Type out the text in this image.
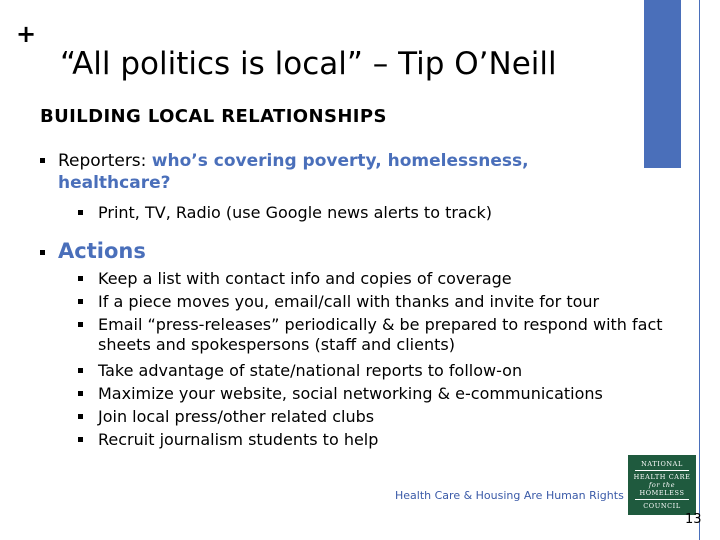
+
“All politics is local” – Tip O’Neill
BUILDING LOCAL RELATIONSHIPS
Reporters: who’s covering poverty, homelessness,
healthcare?
Print, TV, Radio (use Google news alerts to track)
Actions
Keep a list with contact info and copies of coverage
If a piece moves you, email/call with thanks and invite for tour
Email “press-releases” periodically & be prepared to respond with fact
sheets and spokespersons (staff and clients)
Take advantage of state/national reports to follow-on
Maximize your website, social networking & e-communications
Join local press/other related clubs
Recruit journalism students to help
Health Care & Housing Are Human Rights
NATIONAL
HEALTH CARE
for the
HOMELESS
COUNCIL
13
